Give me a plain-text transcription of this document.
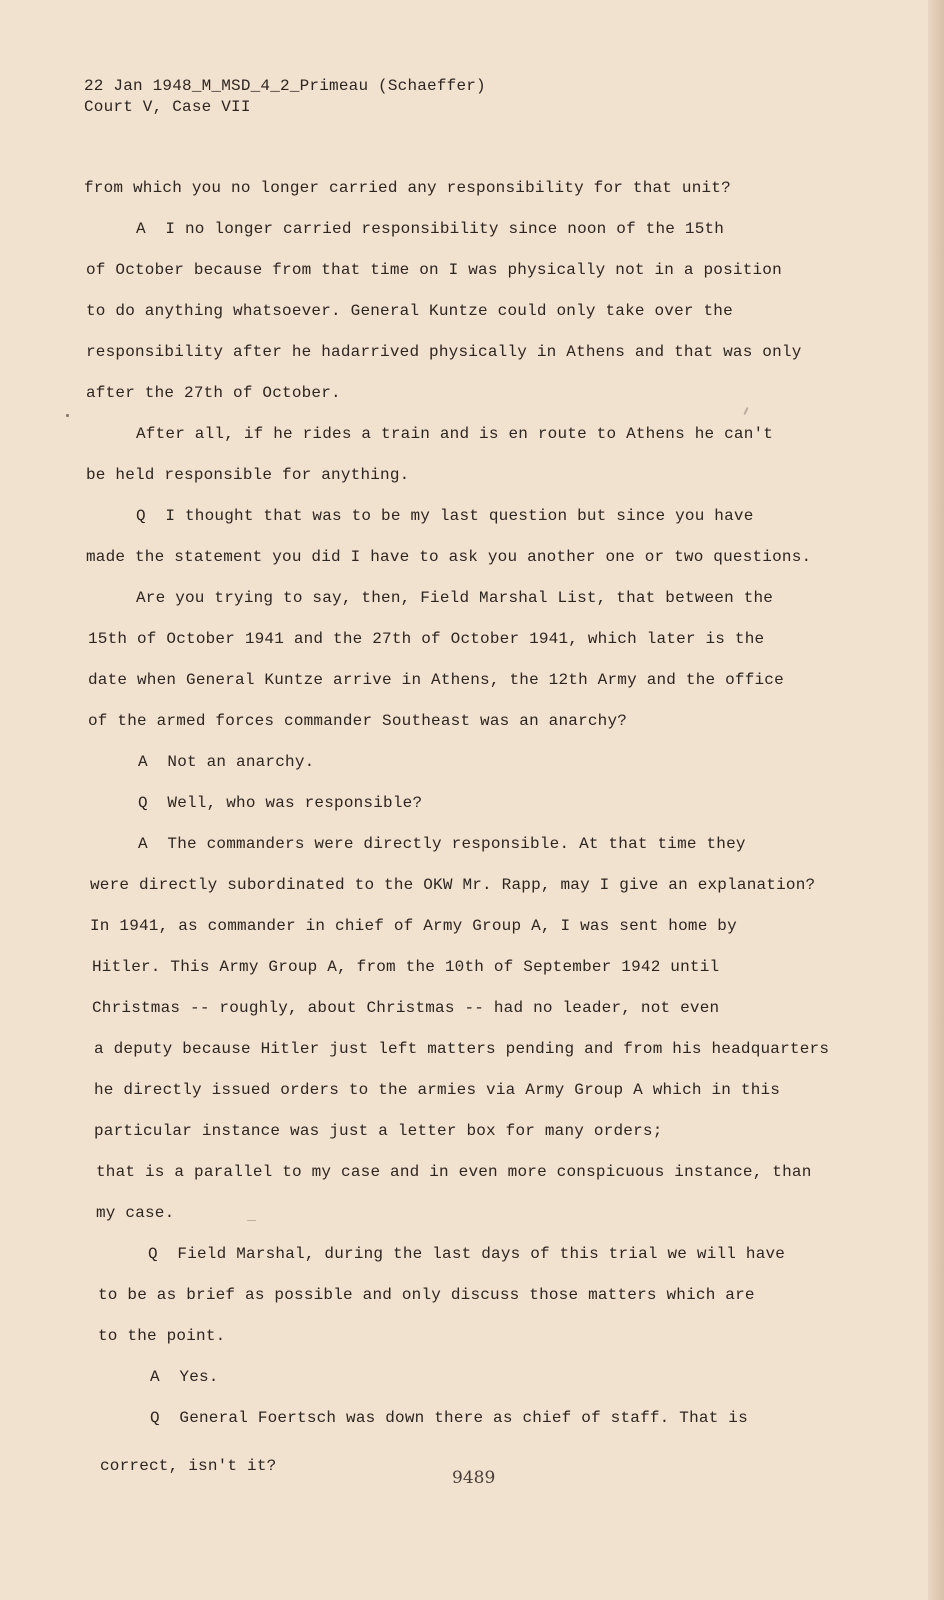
22 Jan 1948_M_MSD_4_2_Primeau (Schaeffer)
Court V, Case VII
from which you no longer carried any responsibility for that unit?
A  I no longer carried responsibility since noon of the 15th
of October because from that time on I was physically not in a position
to do anything whatsoever. General Kuntze could only take over the
responsibility after he hadarrived physically in Athens and that was only
after the 27th of October.
After all, if he rides a train and is en route to Athens he can't
be held responsible for anything.
Q  I thought that was to be my last question but since you have
made the statement you did I have to ask you another one or two questions.
Are you trying to say, then, Field Marshal List, that between the
15th of October 1941 and the 27th of October 1941, which later is the
date when General Kuntze arrive in Athens, the 12th Army and the office
of the armed forces commander Southeast was an anarchy?
A  Not an anarchy.
Q  Well, who was responsible?
A  The commanders were directly responsible. At that time they
were directly subordinated to the OKW Mr. Rapp, may I give an explanation?
In 1941, as commander in chief of Army Group A, I was sent home by
Hitler. This Army Group A, from the 10th of September 1942 until
Christmas -- roughly, about Christmas -- had no leader, not even
a deputy because Hitler just left matters pending and from his headquarters
he directly issued orders to the armies via Army Group A which in this
particular instance was just a letter box for many orders;
that is a parallel to my case and in even more conspicuous instance, than
my case.
Q  Field Marshal, during the last days of this trial we will have
to be as brief as possible and only discuss those matters which are
to the point.
A  Yes.
Q  General Foertsch was down there as chief of staff. That is
correct, isn't it?
9489
